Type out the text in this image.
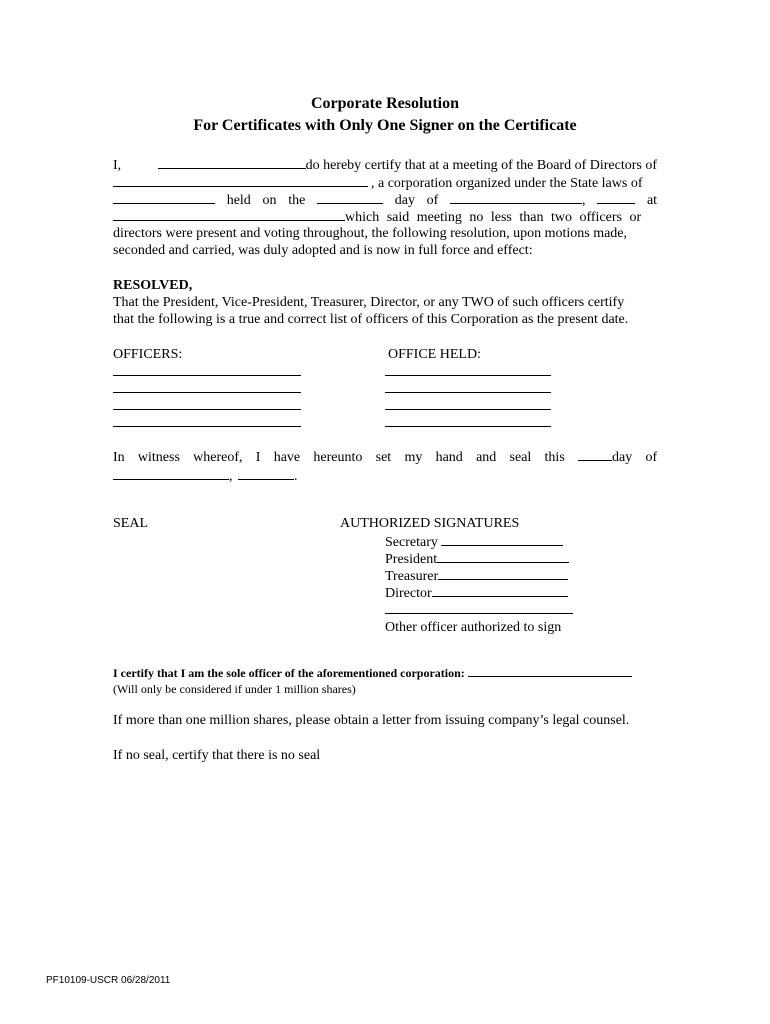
Corporate Resolution
For Certificates with Only One Signer on the Certificate
I,	do hereby certify that at a meeting of the Board of Directors of
, a corporation organized under the State laws of
held on the	day of	,	at
which said meeting no less than two officers or
directors were present and voting throughout, the following resolution, upon motions made,
seconded and carried, was duly adopted and is now in full force and effect:
RESOLVED,
That the President, Vice-President, Treasurer, Director, or any TWO of such officers certify
that the following is a true and correct list of officers of this Corporation as the present date.
OFFICERS:	OFFICE HELD:
In witness whereof, I have hereunto set my hand and seal this	day of
,	.
SEAL	AUTHORIZED SIGNATURES
Secretary
President
Treasurer
Director
Other officer authorized to sign
I certify that I am the sole officer of the aforementioned corporation:
(Will only be considered if under 1 million shares)
If more than one million shares, please obtain a letter from issuing company’s legal counsel.
If no seal, certify that there is no seal
PF10109-USCR 06/28/2011
